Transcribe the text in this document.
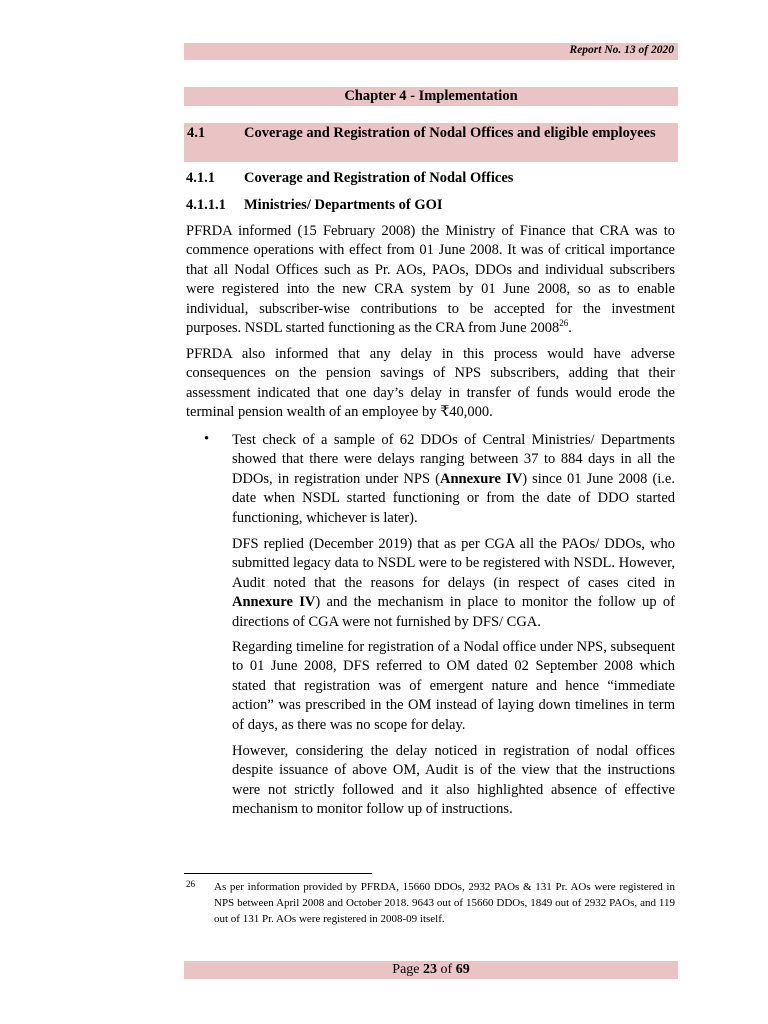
Report No. 13 of 2020
Chapter 4 - Implementation
4.1	Coverage and Registration of Nodal Offices and eligible employees
4.1.1 Coverage and Registration of Nodal Offices
4.1.1.1 Ministries/ Departments of GOI

PFRDA informed (15 February 2008) the Ministry of Finance that CRA was to commence operations with effect from 01 June 2008. It was of critical importance that all Nodal Offices such as Pr. AOs, PAOs, DDOs and individual subscribers were registered into the new CRA system by 01 June 2008, so as to enable individual, subscriber-wise contributions to be accepted for the investment purposes. NSDL started functioning as the CRA from June 2008$^{26}$.

PFRDA also informed that any delay in this process would have adverse consequences on the pension savings of NPS subscribers, adding that their assessment indicated that one day’s delay in transfer of funds would erode the terminal pension wealth of an employee by ₹40,000.

• Test check of a sample of 62 DDOs of Central Ministries/ Departments showed that there were delays ranging between 37 to 884 days in all the DDOs, in registration under NPS (Annexure IV) since 01 June 2008 (i.e. date when NSDL started functioning or from the date of DDO started functioning, whichever is later).

DFS replied (December 2019) that as per CGA all the PAOs/ DDOs, who submitted legacy data to NSDL were to be registered with NSDL. However, Audit noted that the reasons for delays (in respect of cases cited in Annexure IV) and the mechanism in place to monitor the follow up of directions of CGA were not furnished by DFS/ CGA.

Regarding timeline for registration of a Nodal office under NPS, subsequent to 01 June 2008, DFS referred to OM dated 02 September 2008 which stated that registration was of emergent nature and hence “immediate action” was prescribed in the OM instead of laying down timelines in term of days, as there was no scope for delay.

However, considering the delay noticed in registration of nodal offices despite issuance of above OM, Audit is of the view that the instructions were not strictly followed and it also highlighted absence of effective mechanism to monitor follow up of instructions.

26 As per information provided by PFRDA, 15660 DDOs, 2932 PAOs & 131 Pr. AOs were registered in NPS between April 2008 and October 2018. 9643 out of 15660 DDOs, 1849 out of 2932 PAOs, and 119 out of 131 Pr. AOs were registered in 2008-09 itself.

Page 23 of 69
